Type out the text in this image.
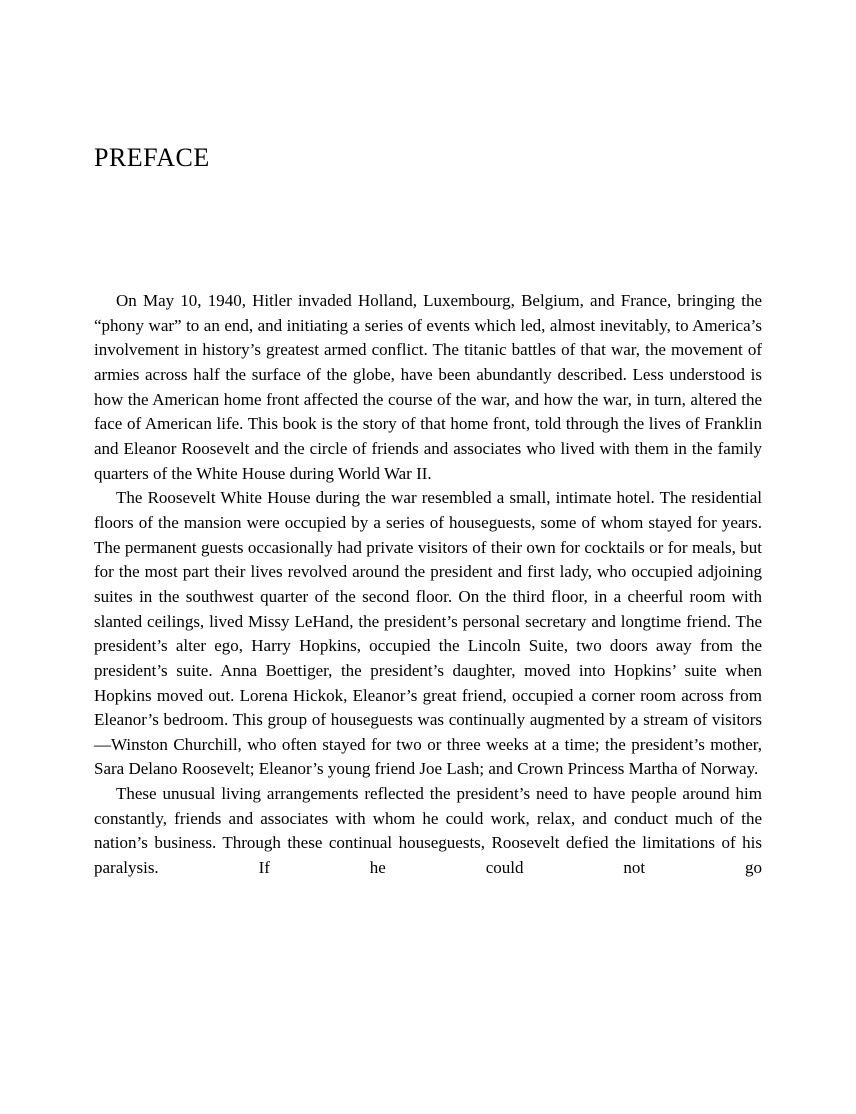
PREFACE

On May 10, 1940, Hitler invaded Holland, Luxembourg, Belgium, and France, bringing the “phony war” to an end, and initiating a series of events which led, almost inevitably, to America’s involvement in history’s greatest armed conflict. The titanic battles of that war, the movement of armies across half the surface of the globe, have been abundantly described. Less understood is how the American home front affected the course of the war, and how the war, in turn, altered the face of American life. This book is the story of that home front, told through the lives of Franklin and Eleanor Roosevelt and the circle of friends and associates who lived with them in the family quarters of the White House during World War II.

The Roosevelt White House during the war resembled a small, intimate hotel. The residential floors of the mansion were occupied by a series of houseguests, some of whom stayed for years. The permanent guests occasionally had private visitors of their own for cocktails or for meals, but for the most part their lives revolved around the president and first lady, who occupied adjoining suites in the southwest quarter of the second floor. On the third floor, in a cheerful room with slanted ceilings, lived Missy LeHand, the president’s personal secretary and longtime friend. The president’s alter ego, Harry Hopkins, occupied the Lincoln Suite, two doors away from the president’s suite. Anna Boettiger, the president’s daughter, moved into Hopkins’ suite when Hopkins moved out. Lorena Hickok, Eleanor’s great friend, occupied a corner room across from Eleanor’s bedroom. This group of houseguests was continually augmented by a stream of visitors—Winston Churchill, who often stayed for two or three weeks at a time; the president’s mother, Sara Delano Roosevelt; Eleanor’s young friend Joe Lash; and Crown Princess Martha of Norway.

These unusual living arrangements reflected the president’s need to have people around him constantly, friends and associates with whom he could work, relax, and conduct much of the nation’s business. Through these continual houseguests, Roosevelt defied the limitations of his paralysis. If he could not go
